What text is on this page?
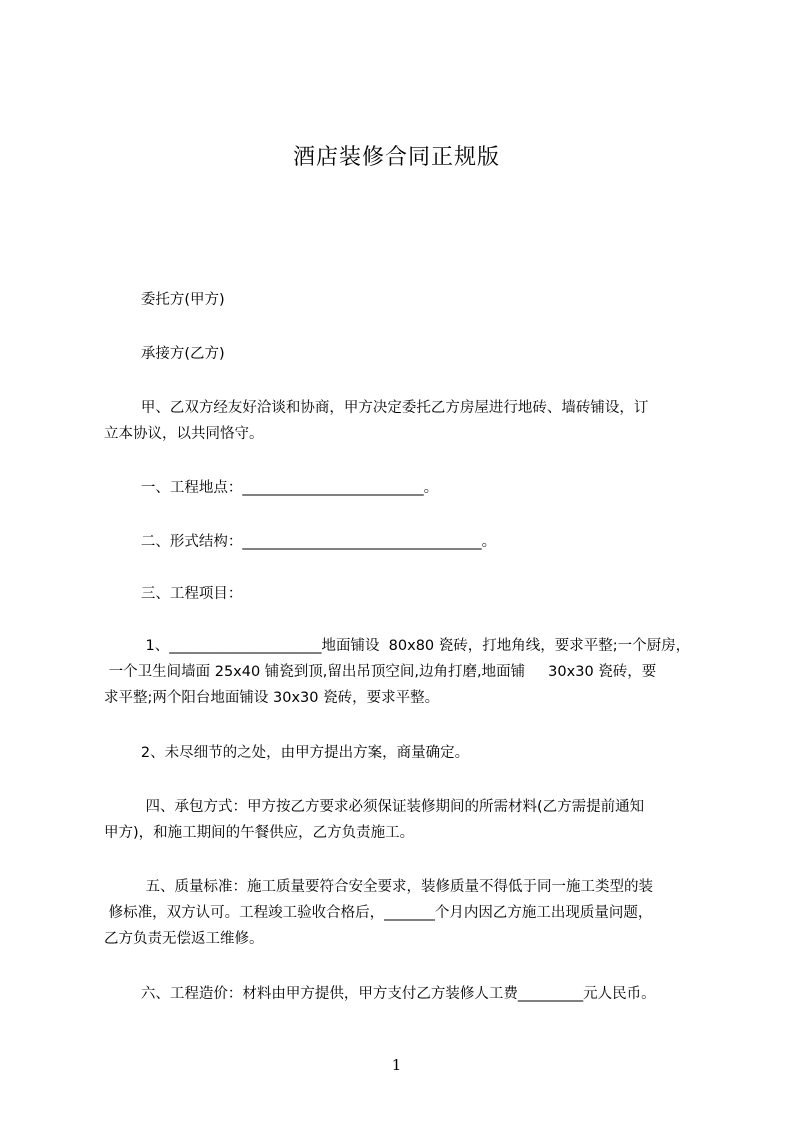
酒店装修合同正规版
委托方(甲方)
承接方(乙方)
甲、乙双方经友好洽谈和协商，甲方决定委托乙方房屋进行地砖、墙砖铺设，订
立本协议，以共同恪守。
一、工程地点：_________________________。
二、形式结构：_________________________________。
三、工程项目：
1、_____________________地面铺设  80x80 瓷砖，打地角线，要求平整;一个厨房，
一个卫生间墙面 25x40 铺瓷到顶,留出吊顶空间,边角打磨,地面铺     30x30 瓷砖，要
求平整;两个阳台地面铺设 30x30 瓷砖，要求平整。
2、未尽细节的之处，由甲方提出方案，商量确定。
四、承包方式：甲方按乙方要求必须保证装修期间的所需材料(乙方需提前通知
甲方)，和施工期间的午餐供应，乙方负责施工。
五、质量标准：施工质量要符合安全要求，装修质量不得低于同一施工类型的装
修标准，双方认可。工程竣工验收合格后，_______个月内因乙方施工出现质量问题，
乙方负责无偿返工维修。
六、工程造价：材料由甲方提供，甲方支付乙方装修人工费_________元人民币。
1
